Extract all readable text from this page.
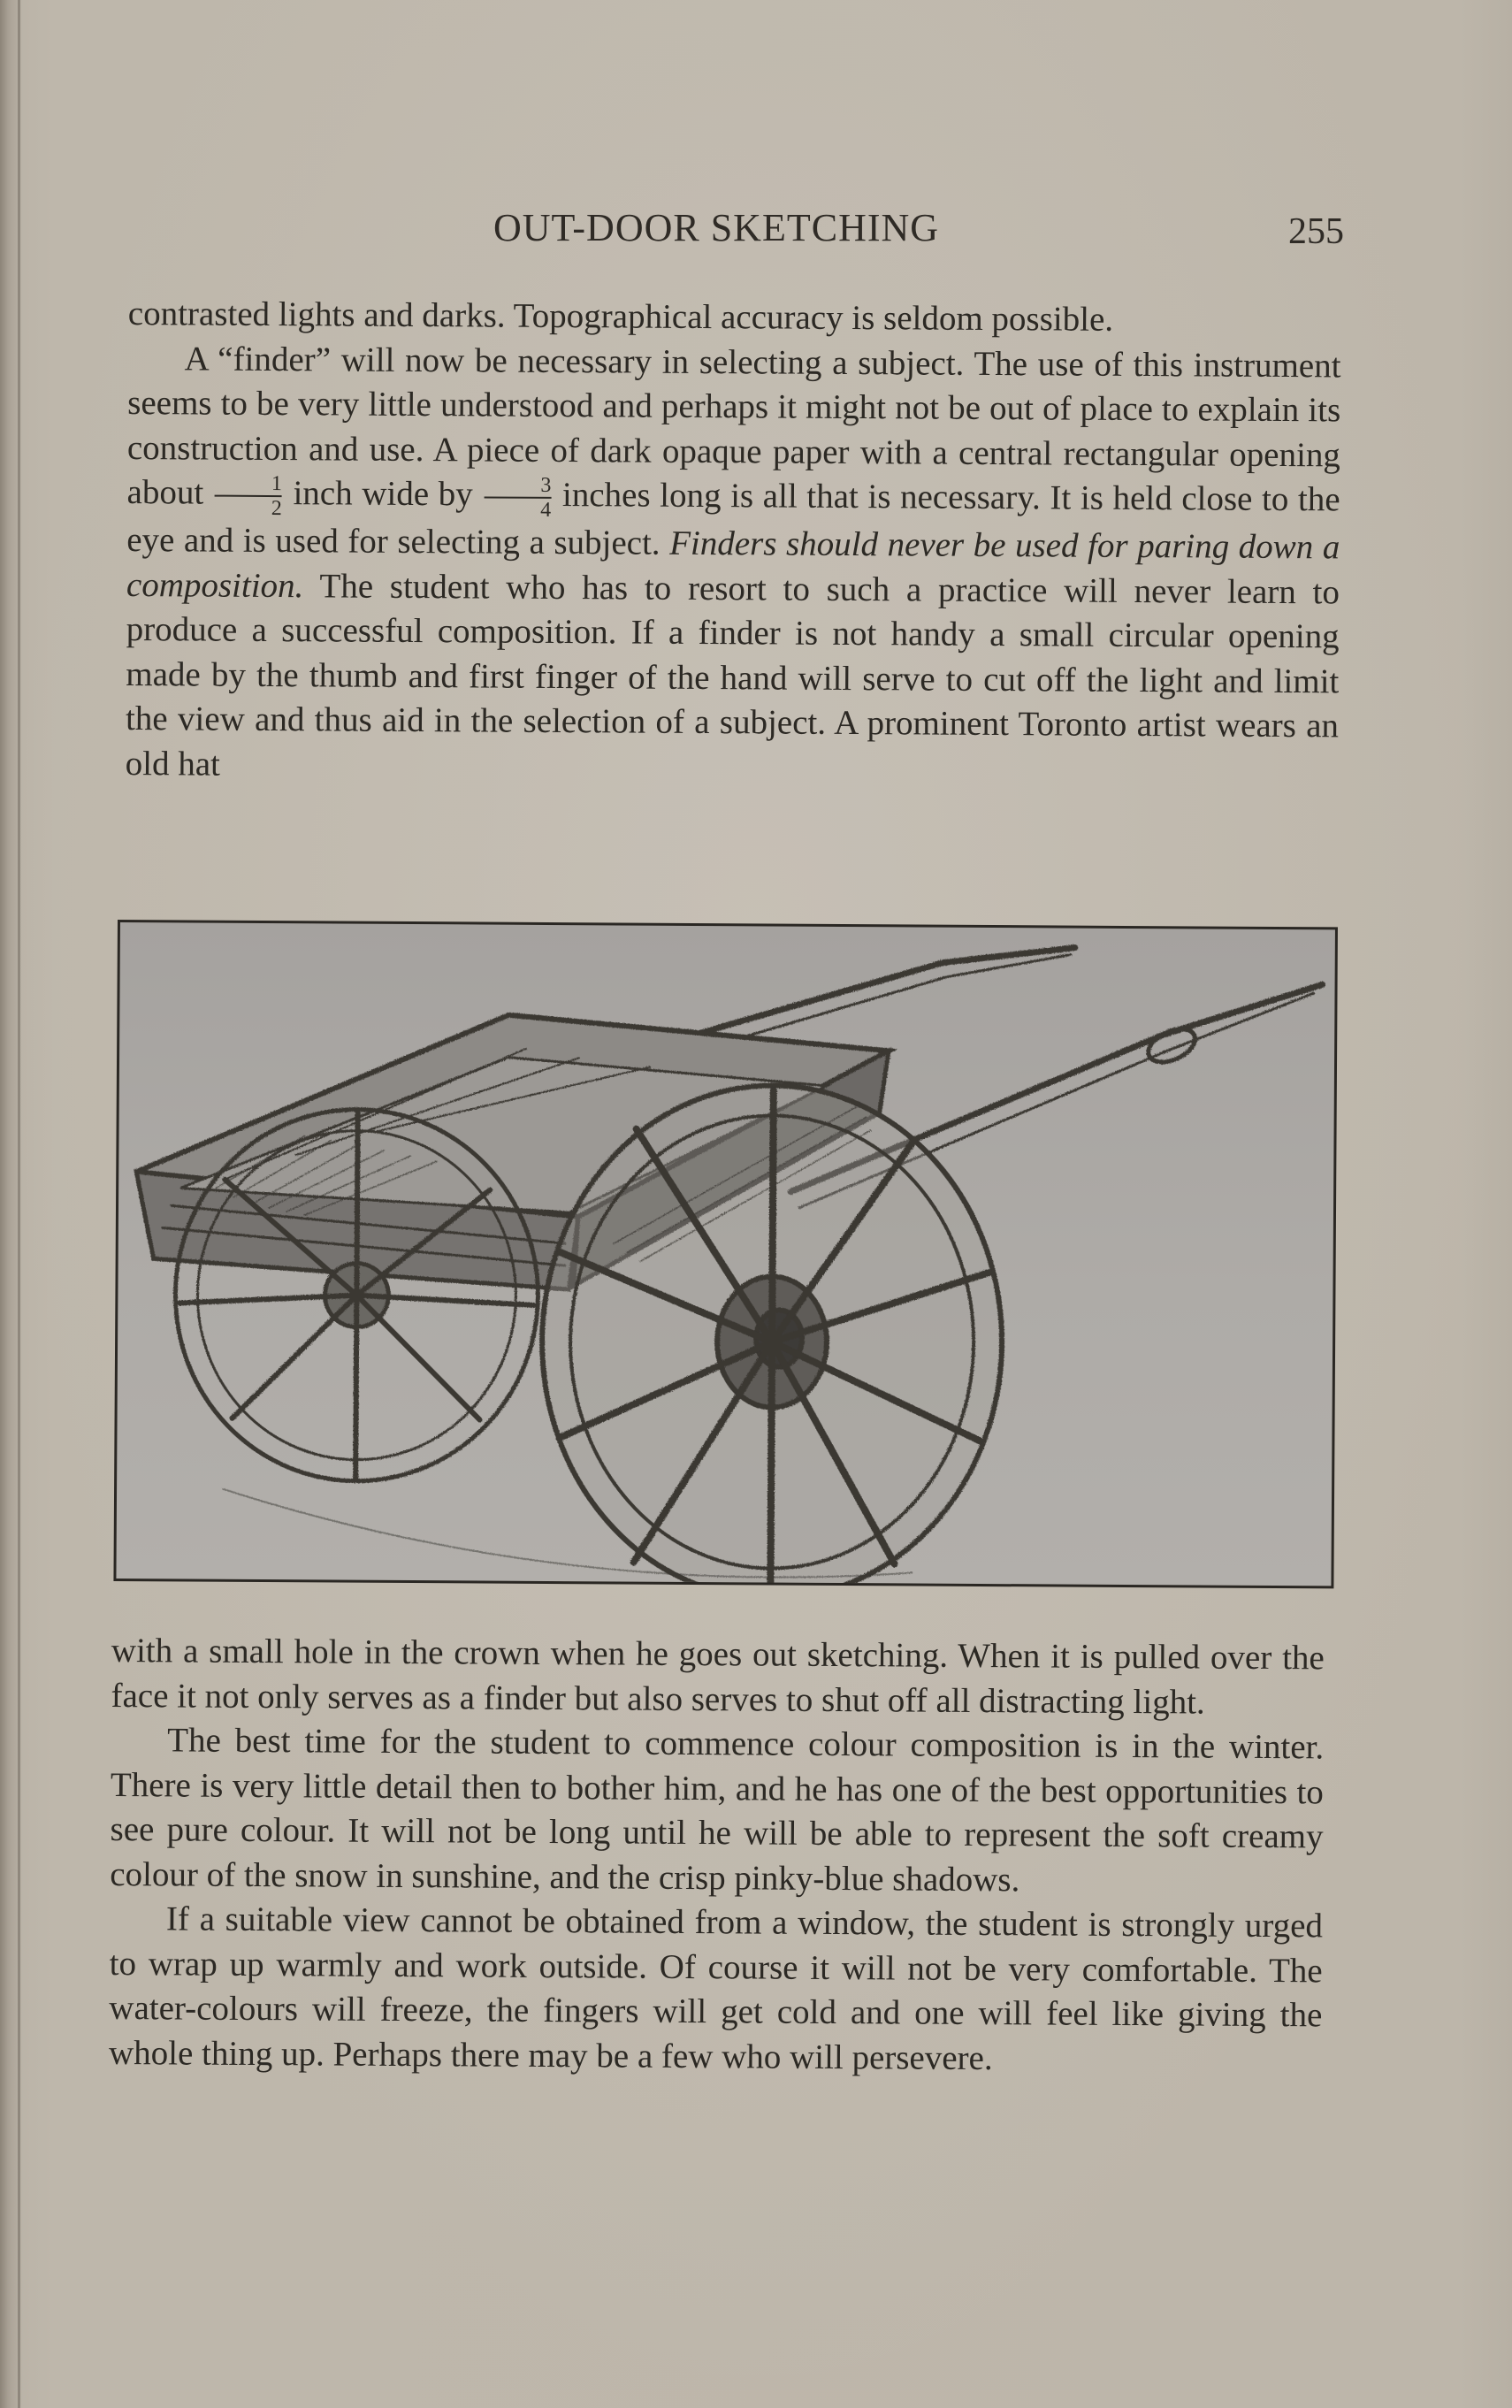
OUT-DOOR SKETCHING	255

contrasted lights and darks. Topographical accuracy is seldom possible.

A “finder” will now be necessary in selecting a subject. The use of this instrument seems to be very little understood and perhaps it might not be out of place to explain its construction and use. A piece of dark opaque paper with a central rectangular opening about $\frac{1}{2}$ inch wide by $\frac{3}{4}$ inches long is all that is necessary. It is held close to the eye and is used for selecting a subject. Finders should never be used for paring down a composition. The student who has to resort to such a practice will never learn to produce a successful composition. If a finder is not handy a small circular opening made by the thumb and first finger of the hand will serve to cut off the light and limit the view and thus aid in the selection of a subject. A prominent Toronto artist wears an old hat

with a small hole in the crown when he goes out sketching. When it is pulled over the face it not only serves as a finder but also serves to shut off all distracting light.

The best time for the student to commence colour composition is in the winter. There is very little detail then to bother him, and he has one of the best opportunities to see pure colour. It will not be long until he will be able to represent the soft creamy colour of the snow in sunshine, and the crisp pinky-blue shadows.

If a suitable view cannot be obtained from a window, the student is strongly urged to wrap up warmly and work outside. Of course it will not be very comfortable. The water-colours will freeze, the fingers will get cold and one will feel like giving the whole thing up. Perhaps there may be a few who will persevere.
